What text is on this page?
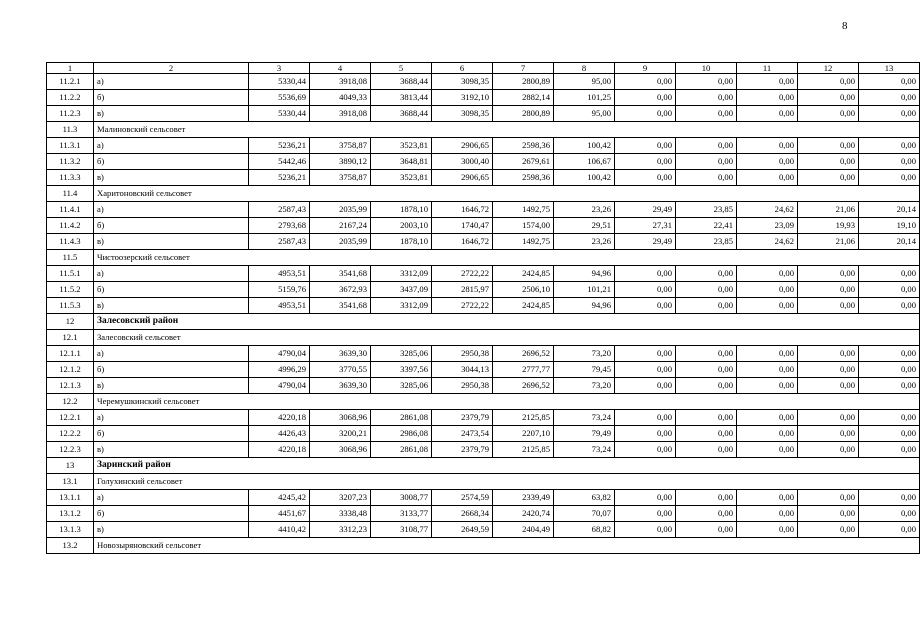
8
1	2	3	4	5	6	7	8	9	10	11	12	13
11.2.1	а)	5330,44	3918,08	3688,44	3098,35	2800,89	95,00	0,00	0,00	0,00	0,00	0,00
11.2.2	б)	5536,69	4049,33	3813,44	3192,10	2882,14	101,25	0,00	0,00	0,00	0,00	0,00
11.2.3	в)	5330,44	3918,08	3688,44	3098,35	2800,89	95,00	0,00	0,00	0,00	0,00	0,00
11.3	Малиновский сельсовет											
11.3.1	а)	5236,21	3758,87	3523,81	2906,65	2598,36	100,42	0,00	0,00	0,00	0,00	0,00
11.3.2	б)	5442,46	3890,12	3648,81	3000,40	2679,61	106,67	0,00	0,00	0,00	0,00	0,00
11.3.3	в)	5236,21	3758,87	3523,81	2906,65	2598,36	100,42	0,00	0,00	0,00	0,00	0,00
11.4	Харитоновский сельсовет											
11.4.1	а)	2587,43	2035,99	1878,10	1646,72	1492,75	23,26	29,49	23,85	24,62	21,06	20,14
11.4.2	б)	2793,68	2167,24	2003,10	1740,47	1574,00	29,51	27,31	22,41	23,09	19,93	19,10
11.4.3	в)	2587,43	2035,99	1878,10	1646,72	1492,75	23,26	29,49	23,85	24,62	21,06	20,14
11.5	Чистоозерский сельсовет											
11.5.1	а)	4953,51	3541,68	3312,09	2722,22	2424,85	94,96	0,00	0,00	0,00	0,00	0,00
11.5.2	б)	5159,76	3672,93	3437,09	2815,97	2506,10	101,21	0,00	0,00	0,00	0,00	0,00
11.5.3	в)	4953,51	3541,68	3312,09	2722,22	2424,85	94,96	0,00	0,00	0,00	0,00	0,00
12	Залесовский район											
12.1	Залесовский сельсовет											
12.1.1	а)	4790,04	3639,30	3285,06	2950,38	2696,52	73,20	0,00	0,00	0,00	0,00	0,00
12.1.2	б)	4996,29	3770,55	3397,56	3044,13	2777,77	79,45	0,00	0,00	0,00	0,00	0,00
12.1.3	в)	4790,04	3639,30	3285,06	2950,38	2696,52	73,20	0,00	0,00	0,00	0,00	0,00
12.2	Черемушкинский сельсовет											
12.2.1	а)	4220,18	3068,96	2861,08	2379,79	2125,85	73,24	0,00	0,00	0,00	0,00	0,00
12.2.2	б)	4426,43	3200,21	2986,08	2473,54	2207,10	79,49	0,00	0,00	0,00	0,00	0,00
12.2.3	в)	4220,18	3068,96	2861,08	2379,79	2125,85	73,24	0,00	0,00	0,00	0,00	0,00
13	Заринский район											
13.1	Голухинский сельсовет											
13.1.1	а)	4245,42	3207,23	3008,77	2574,59	2339,49	63,82	0,00	0,00	0,00	0,00	0,00
13.1.2	б)	4451,67	3338,48	3133,77	2668,34	2420,74	70,07	0,00	0,00	0,00	0,00	0,00
13.1.3	в)	4410,42	3312,23	3108,77	2649,59	2404,49	68,82	0,00	0,00	0,00	0,00	0,00
13.2	Новозыряновский сельсовет											
